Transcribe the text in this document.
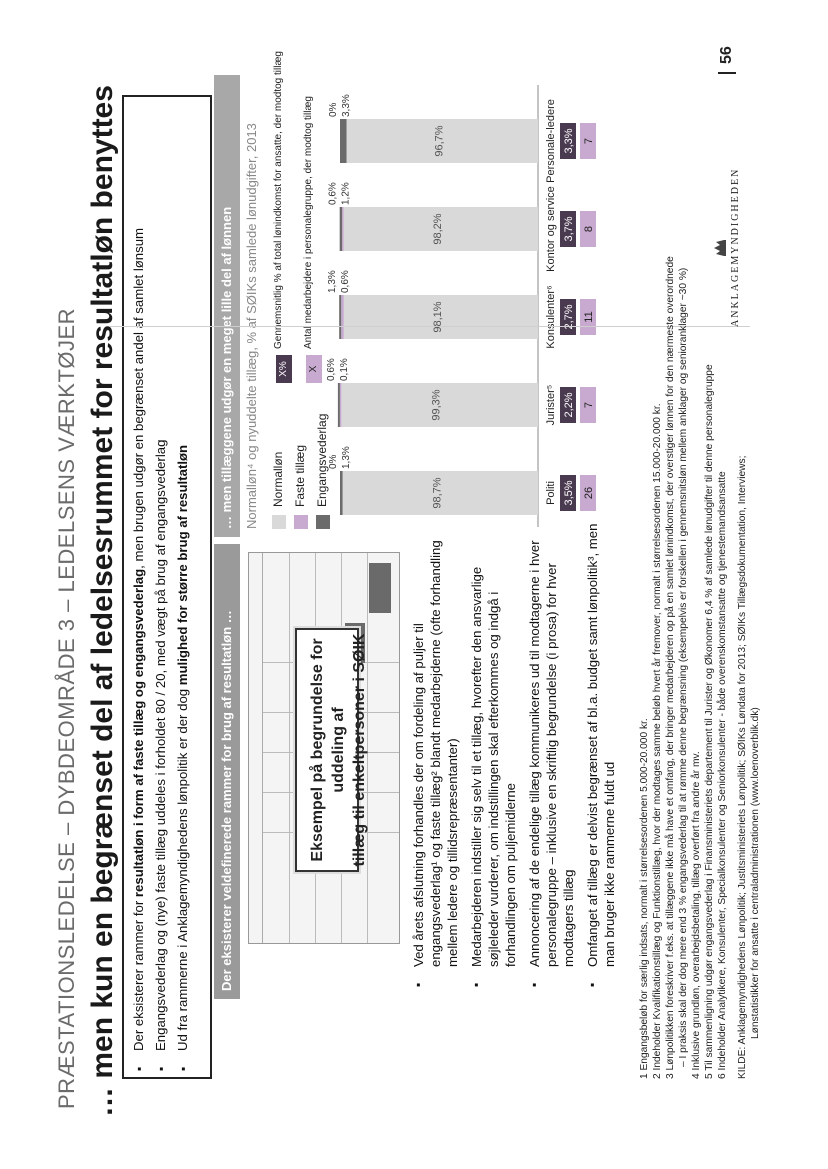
PRÆSTATIONSLEDELSE – DYBDEOMRÅDE 3 – LEDELSENS VÆRKTØJER … men kun en begrænset del af ledelsesrummet for resultatløn benyttes ▪ Der eksisterer rammer for resultatløn i form af faste tillæg og engangsvederlag, men brugen udgør en begrænset andel af samlet lønsum
▪ Engangsvederlag og (nye) faste tillæg uddeles i forholdet 80 / 20, med vægt på brug af engangsvederlag ▪ Ud fra rammerne i Anklagemyndighedens lønpolitik er der dog mulighed for større brug af resultatløn
Der eksisterer veldefinerede rammer for brug af resultatløn …
… men tillæggene udgør en meget lille del af lønnen
Eksempel på begrundelse for uddeling af tillæg til enkeltpersoner i SØIK	▪ Ved årets afslutning forhandles der om fordeling af puljer til engangsvederlag¹ og faste tillæg² blandt medarbejderne (ofte forhandling mellem ledere og tillidsrepræsentanter) ▪ Medarbejderen indstiller sig selv til et tillæg, hvorefter den ansvarlige søjleleder vurderer, om indstillingen skal efterkommes og indgå i forhandlingen om puljemidlerne ▪ Annoncering af de endelige tillæg kommunikeres ud til modtagerne i hver personalegruppe – inklusive en skriftlig begrundelse (i prosa) for hver modtagers tillæg ▪ Omfanget af tillæg er delvist begrænset af bl.a. budget samt lønpolitik³, men man bruger ikke rammerne fuldt ud
Normalløn⁴ og nyuddelte tillæg, % af SØIKs samlede lønudgifter, 2013 Normalløn Faste tillæg Engangsvederlag
X%
Gennemsnitlig % af total lønindkomst for ansatte, der modtog tillæg
X
Antal medarbejdere i personalegruppe, der modtog tillæg
98,7%
0% 1,3%
Politi 3,5% 26
99,3%
0,6% 0,1%
Jurister⁵ 2,2% 7
98,1%
1,3% 0,6%
Konsulenter⁶ 2,7% 11
98,2%
0,6% 1,2%	Kontor og service 3,7% 8
96,7%
0% 3,3%	Personale-ledere 3,3% 7
1 Engangsbeløb for særlig indsats, normalt i størrelsesordenen 5.000-20.000 kr. 2 Indeholder Kvalifikationstillæg og Funktionstillæg, hvor der modtages samme beløb hvert år fremover, normalt i størrelsesordenen 15.000-20.000 kr. 3 Lønpolitikken foreskriver f.eks. at tillæggene ikke må have et omfang, der bringer medarbejderen op på en samlet lønindkomst, der overstiger lønnen for den nærmeste overordnede – I praksis skal der dog mere end 3 % engangsvederlag til at rømme denne begrænsning (eksempelvis er forskellen i gennemsnitsløn mellem anklager og senioranklager ~30 %) 4 Inklusive grundløn, overarbejdsbetaling, tillæg overført fra andre år mv. 5 Til sammenligning udgør engangsvederlag i Finansministeriets departement til Jurister og Økonomer 6,4 % af samlede lønudgifter til denne personalegruppe 6 Indeholder Analytikere, Konsulenter, Specialkonsulenter og Seniorkonsulenter - både overenskomstansatte og tjenestemandsansatte KILDE: Anklagemyndighedens Lønpolitik; Justitsministeriets Lønpolitik; SØIKs Løndata for 2013; SØIKs Tillægsdokumentation, Interviews; Lønstatistikker for ansatte i centraladministrationen (www.loenoverblik.dk)
ANKLAGEMYNDIGHEDEN
56
